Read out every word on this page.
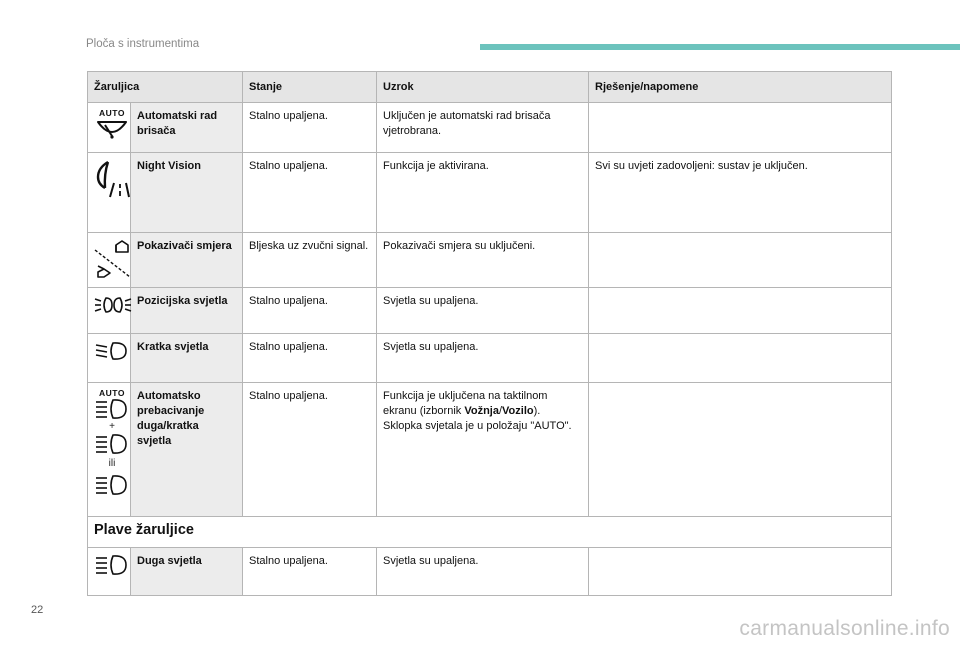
Ploča s instrumentima
Žaruljica		Stanje	Uzrok	Rješenje/napomene

AUTO	Automatski rad brisača	Stalno upaljena.	Uključen je automatski rad brisača vjetrobrana.	

	Night Vision	Stalno upaljena.	Funkcija je aktivirana.	Svi su uvjeti zadovoljeni: sustav je uključen.

	Pokazivači smjera	Bljeska uz zvučni signal.	Pokazivači smjera su uključeni.	

	Pozicijska svjetla	Stalno upaljena.	Svjetla su upaljena.	

	Kratka svjetla	Stalno upaljena.	Svjetla su upaljena.	

AUTO
+
ili	Automatsko prebacivanje duga/kratka svjetla	Stalno upaljena.	Funkcija je uključena na taktilnom ekranu (izbornik Vožnja/Vozilo).
Sklopka svjetala je u položaju "AUTO".	
Plave žaruljice				

	Duga svjetla	Stalno upaljena.	Svjetla su upaljena.	
22
carmanualsonline.info
